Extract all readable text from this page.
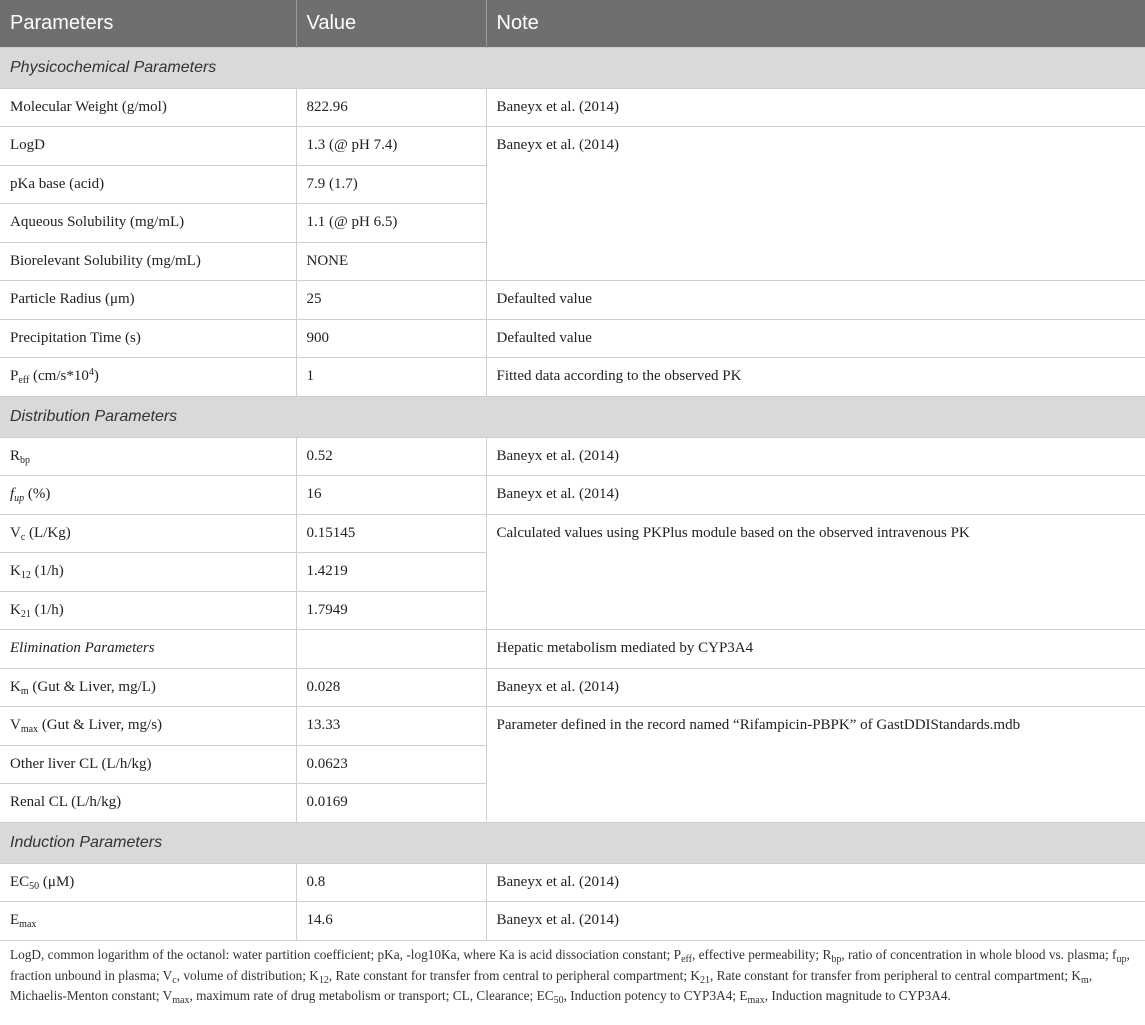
Parameters	Value	Note
Physicochemical Parameters		
Molecular Weight (g/mol)	822.96	Baneyx et al. (2014)
LogD	1.3 (@ pH 7.4)	Baneyx et al. (2014)
pKa base (acid)	7.9 (1.7)	
Aqueous Solubility (mg/mL)	1.1 (@ pH 6.5)	
Biorelevant Solubility (mg/mL)	NONE	
Particle Radius (μm)	25	Defaulted value
Precipitation Time (s)	900	Defaulted value
$P_{eff}$ $(cm/s*10^4)$	1	Fitted data according to the observed PK
Distribution Parameters		
$R_{bp}$	0.52	Baneyx et al. (2014)
$f_{up}$ (%)	16	Baneyx et al. (2014)
$V_c$ (L/Kg)	0.15145	Calculated values using PKPlus module based on the observed intravenous PK
$K_{12}$ (1/h)	1.4219	
$K_{21}$ (1/h)	1.7949	
Elimination Parameters		Hepatic metabolism mediated by CYP3A4
$K_m$ (Gut & Liver, mg/L)	0.028	Baneyx et al. (2014)
$V_{max}$ (Gut & Liver, mg/s)	13.33	Parameter defined in the record named “Rifampicin-PBPK” of GastDDIStandards.mdb
Other liver CL (L/h/kg)	0.0623	
Renal CL (L/h/kg)	0.0169	
Induction Parameters		
$EC_{50}$ (μM)	0.8	Baneyx et al. (2014)
$E_{max}$	14.6	Baneyx et al. (2014)
LogD, common logarithm of the octanol: water partition coefficient; pKa, -log10Ka, where Ka is acid dissociation constant; $P_{eff}$, effective permeability; $R_{bp}$, ratio of concentration in whole blood vs. plasma; $f_{up}$, fraction unbound in plasma; $V_c$, volume of distribution; $K_{12}$, Rate constant for transfer from central to peripheral compartment; $K_{21}$, Rate constant for transfer from peripheral to central compartment; $K_m$, Michaelis-Menton constant; $V_{max}$, maximum rate of drug metabolism or transport; CL, Clearance; $EC_{50}$, Induction potency to CYP3A4; $E_{max}$, Induction magnitude to CYP3A4.
